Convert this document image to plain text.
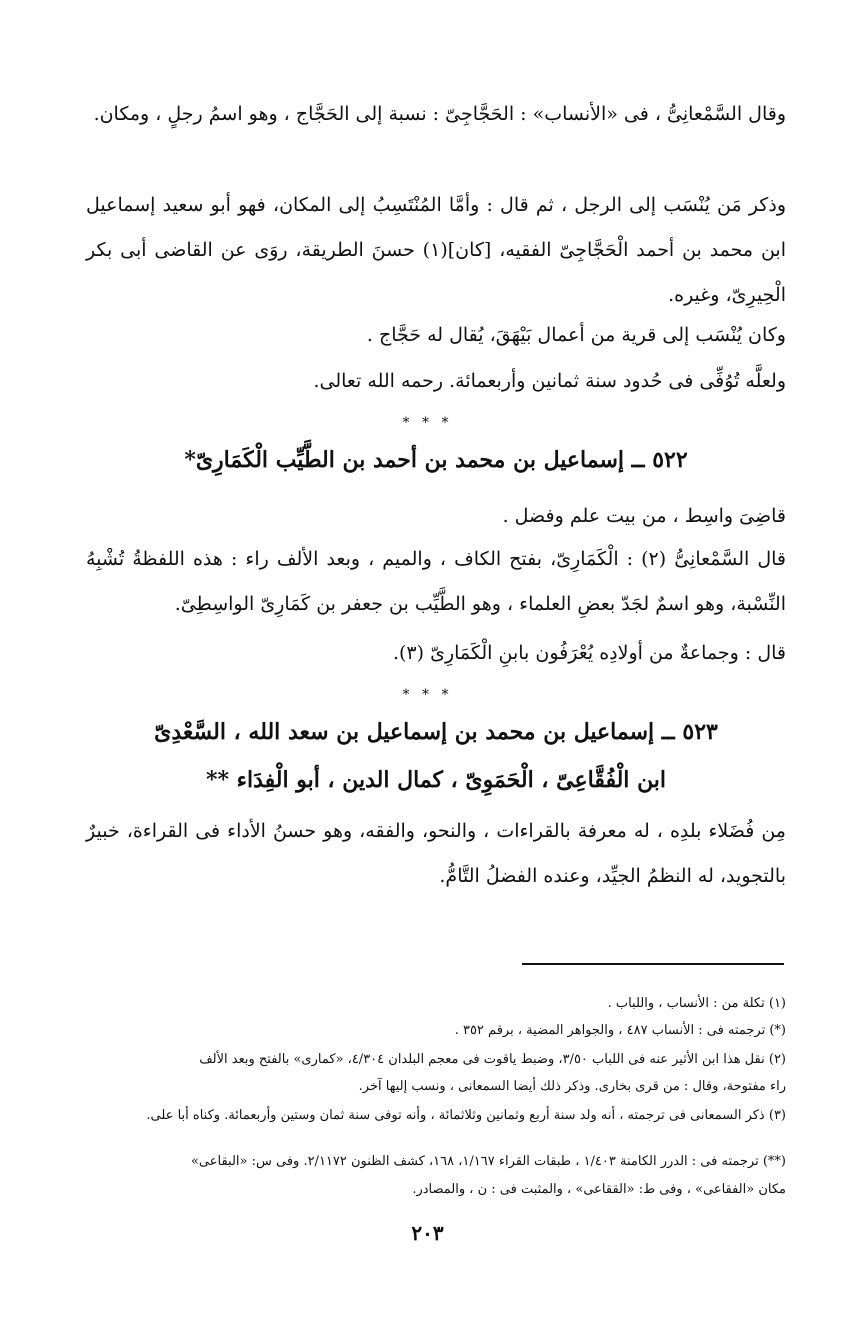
وقال السَّمْعانِىُّ ، فى «الأنساب» : الحَجَّاجِىّ : نسبة إلى الحَجَّاج ، وهو اسمُ رجلٍ ، ومكان.

وذكر مَن يُنْسَب إلى الرجل ، ثم قال : وأمَّا المُنْتَسِبُ إلى المكان، فهو أبو سعيد إسماعيل ابن محمد بن أحمد الْحَجَّاجِىّ الفقيه، [كان](١) حسنَ الطريقة، روَى عن القاضى أبى بكر الْحِيرِىّ، وغيره.

وكان يُنْسَب إلى قرية من أعمال بَيْهَقَ، يُقال له حَجَّاج .

ولعلَّه تُوُفِّى فى حُدود سنة ثمانين وأربعمائة. رحمه الله تعالى.

* * *

٥٢٢ ــ إسماعيل بن محمد بن أحمد بن الطَّيِّب الْكَمَارِىّ*

قاضِىَ واسِط ، من بيت علم وفضل .

قال السَّمْعانِىُّ (٢) : الْكَمَارِىّ، بفتح الكاف ، والميم ، وبعد الألف راء : هذه اللفظةُ تُشْبِهُ النِّسْبة، وهو اسمٌ لجَدّ بعضِ العلماء ، وهو الطَّيِّب بن جعفر بن كَمَارِىّ الواسِطِىّ.

قال : وجماعةٌ من أولادِه يُعْرَفُون بابنِ الْكَمَارِىّ (٣).

* * *

٥٢٣ ــ إسماعيل بن محمد بن إسماعيل بن سعد الله ، السَّعْدِىّ
ابن الْفُقَّاعِىّ ، الْحَمَوِىّ ، كمال الدين ، أبو الْفِدَاء **

مِن فُضَلاء بلدِه ، له معرفة بالقراءات ، والنحو، والفقه، وهو حسنُ الأداء فى القراءة، خبيرٌ بالتجويد، له النظمُ الجيِّد، وعنده الفضلُ التَّامُّ.

(١) تكلة من : الأنساب ، واللباب .

(*) ترجمته فى : الأنساب ٤٨٧ ، والجواهر المضية ، برقم ٣٥٢ .

(٢) نقل هذا ابن الأثير عنه فى اللباب ٣/٥٠، وضبط ياقوت فى معجم البلدان ٤/٣٠٤، «كمارى» بالفتح وبعد الألف

راء مفتوحة، وقال : من قرى بخارى. وذكر ذلك أيضا السمعانى ، ونسب إليها آخر.

(٣) ذكر السمعانى فى ترجمته ، أنه ولد سنة أربع وثمانين وثلاثمائة ، وأنه توفى سنة ثمان وستين وأربعمائة. وكناه أبا على.

(**) ترجمته فى : الدرر الكامنة ١/٤٠٣ ، طبقات القراء ١/١٦٧، ١٦٨، كشف الظنون ٢/١١٧٢. وفى س: «البقاعى»

مكان «الفقاعى» ، وفى ط: «الققاعى» ، والمثبت فى : ن ، والمصادر.

٢٠٣
